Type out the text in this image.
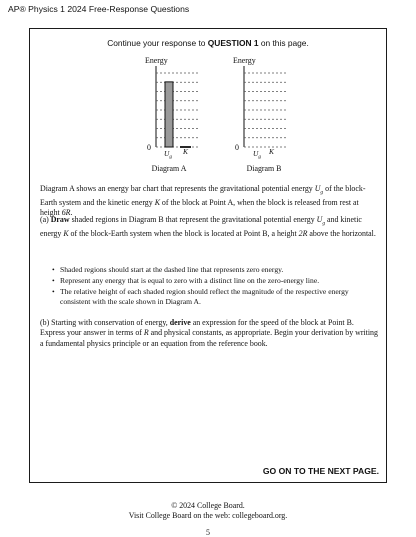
AP® Physics 1 2024 Free-Response Questions
Continue your response to QUESTION 1 on this page.
Energy
0
$U_g$
K
Diagram A
Energy
0
$U_g$
K
Diagram B
Diagram A shows an energy bar chart that represents the gravitational potential energy $U_g$ of the block-Earth system and the kinetic energy K of the block at Point A, when the block is released from rest at height 6R.
(a) Draw shaded regions in Diagram B that represent the gravitational potential energy $U_g$ and kinetic energy K of the block-Earth system when the block is located at Point B, a height 2R above the horizontal.
• Shaded regions should start at the dashed line that represents zero energy.
• Represent any energy that is equal to zero with a distinct line on the zero-energy line.
• The relative height of each shaded region should reflect the magnitude of the respective energy consistent with the scale shown in Diagram A.
(b) Starting with conservation of energy, derive an expression for the speed of the block at Point B. Express your answer in terms of R and physical constants, as appropriate. Begin your derivation by writing a fundamental physics principle or an equation from the reference book.
GO ON TO THE NEXT PAGE.
© 2024 College Board.
Visit College Board on the web: collegeboard.org.
5
